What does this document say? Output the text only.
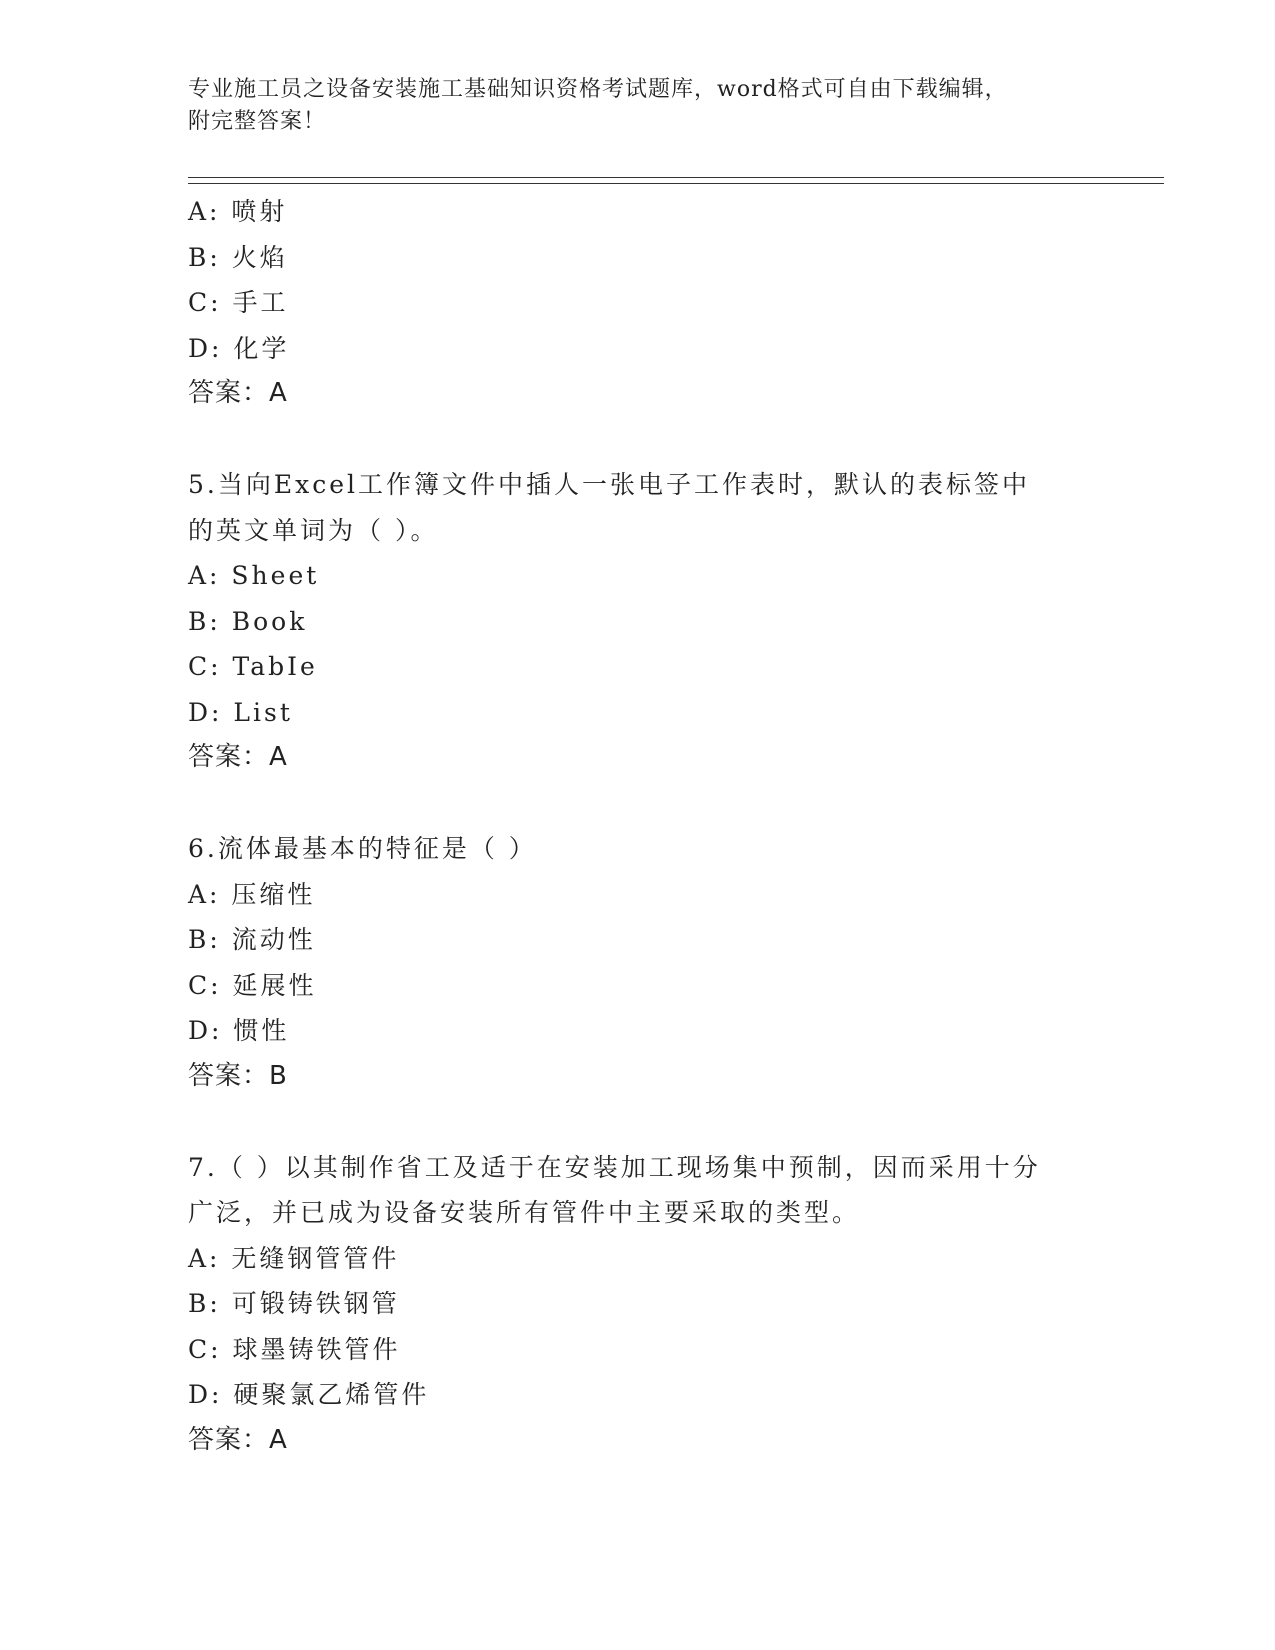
专业施工员之设备安装施工基础知识资格考试题库，word格式可自由下载编辑，
附完整答案！
A: 喷射
B: 火焰
C: 手工
D: 化学
答案：A
5.当向Excel工作簿文件中插人一张电子工作表时，默认的表标签中
的英文单词为（ ）。
A: Sheet
B: Book
C: TabIe
D: List
答案：A
6.流体最基本的特征是（ ）
A: 压缩性
B: 流动性
C: 延展性
D: 惯性
答案：B
7.（ ）以其制作省工及适于在安装加工现场集中预制，因而采用十分
广泛，并已成为设备安装所有管件中主要采取的类型。
A: 无缝钢管管件
B: 可锻铸铁钢管
C: 球墨铸铁管件
D: 硬聚氯乙烯管件
答案：A
